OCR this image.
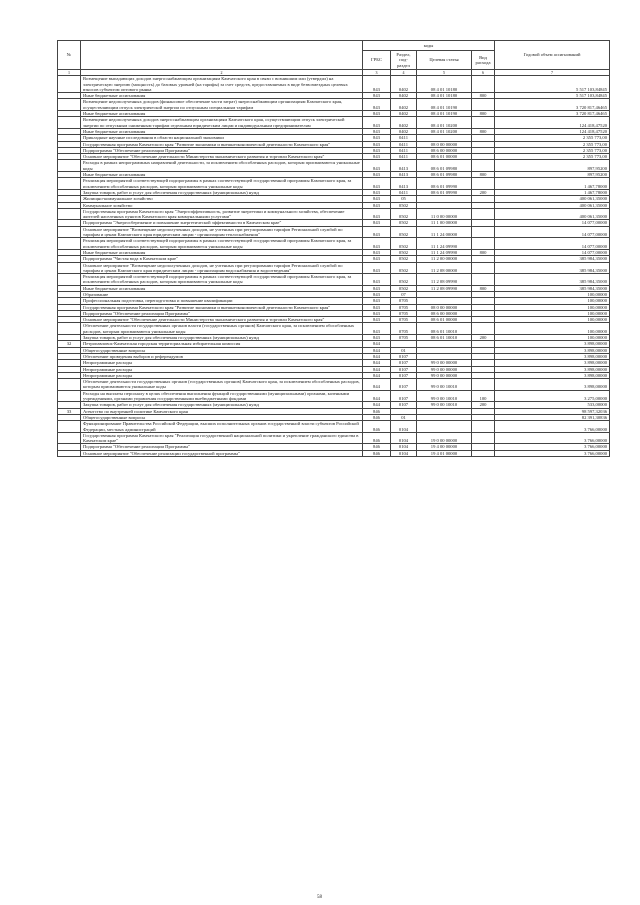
№		коды				Годовой объем ассигнований
		ГРБС	Раздел, под-раздел	Целевая статья	Вид расхода	
1	2	3	4	5	6	7
	Возмещение выпадающих доходов энергоснабжающим организациям Камчатского края в связи с возникшим или (утвердил) на электрическую энергию (мощность) до базовых уровней (на тарифы) за счет средств, предоставляемых в виде безвозмездных целевых взносов субъектом оптового рынка	843	0402	08 4 01 10180		5 517 103,84845
	Иные бюджетные ассигнования	843	0402	08 4 01 10180	800	5 517 103,84845
	Возмещение недополученных доходов (финансовое обеспечение части затрат) энергоснабжающим организациям Камчатского края, осуществляющим отпуск электрической энергии по отпускным специальным тарифам	843	0402	08 4 01 10190		3 720 817,46465
	Иные бюджетные ассигнования	843	0402	08 4 01 10190	800	3 720 817,46465
	Возмещение недополученных доходов энергоснабжающим организациям Камчатского края, осуществляющим отпуск электрической энергии по отпускным сниженным тарифам отдельным юридическим лицам и индивидуальным предпринимателям	843	0402	08 4 01 10200		124 418,47520
	Иные бюджетные ассигнования	843	0402	08 4 01 10200	800	124 418,47520
	Прикладные научные исследования в области национальной экономики	843	0411			2 355 773,00
	Государственная программа Камчатского края "Развитие экономики и внешнеэкономической деятельности Камчатского края"	843	0411	08 0 00 00000		2 355 773,00
	Подпрограмма "Обеспечение реализации Программы"	843	0411	08 6 00 00000		2 355 773,00
	Основное мероприятие "Обеспечение деятельности Министерства экономического развития и торговли Камчатского края"	843	0411	08 6 01 00000		2 355 773,00
	Расходы в рамках непрограммных направлений деятельности, за исключением обособленных расходов, которым присваиваются уникальные коды	843	0413	08 6 01 09980		897,95200
	Иные бюджетные ассигнования	843	0413	08 6 01 09980	800	897,95200
	Реализация мероприятий соответствующей подпрограммы в рамках соответствующей государственной программы Камчатского края, за исключением обособленных расходов, которым присваиваются уникальные коды	843	0413	08 6 01 09990		1 467,78000
	Закупка товаров, работ и услуг для обеспечения государственных (муниципальных) нужд	843	0411	08 6 01 09990	200	1 467,78000
	Жилищно-коммунальное хозяйство	843	05			400 061,35000
	Коммунальное хозяйство	843	0502			400 061,35000
	Государственная программа Камчатского края "Энергоэффективность, развитие энергетики и коммунального хозяйства, обеспечение жителей населенных пунктов Камчатского края коммунальными услугами"	843	0502	11 0 00 00000		400 061,35000
	Подпрограмма "Энергосбережение и повышение энергетической эффективности в Камчатском крае"	843	0502	11 1 00 00000		14 077,00000
	Основное мероприятие "Возмещение недополученных доходов, не учтенных при регулировании тарифов Региональной службой по тарифам и ценам Камчатского края юридическим лицам - организациям теплоснабжения"	843	0502	11 1 24 00000		14 077,00000
	Реализация мероприятий соответствующей подпрограммы в рамках соответствующей государственной программы Камчатского края, за исключением обособленных расходов, которым присваиваются уникальные коды	843	0502	11 1 24 09990		14 077,00000
	Иные бюджетные ассигнования	843	0502	11 1 24 09990	800	14 077,00000
	Подпрограмма "Чистая вода в Камчатском крае"	843	0502	11 2 00 00000		385 984,35000
	Основное мероприятие "Возмещение недополученных доходов, не учтенных при регулировании тарифов Региональной службой по тарифам и ценам Камчатского края юридическим лицам - организациям водоснабжения и водоотведения"	843	0502	11 2 08 00000		385 984,35000
	Реализация мероприятий соответствующей подпрограммы в рамках соответствующей государственной программы Камчатского края, за исключением обособленных расходов, которым присваиваются уникальные коды	843	0502	11 2 08 09990		385 984,35000
	Иные бюджетные ассигнования	843	0502	11 2 08 09990	800	385 984,35000
	Образование	843	07			100,00000
	Профессиональная подготовка, переподготовка и повышение квалификации	843	0705			100,00000
	Государственная программа Камчатского края "Развитие экономики и внешнеэкономической деятельности Камчатского края"	843	0705	08 0 00 00000		100,00000
	Подпрограмма "Обеспечение реализации Программы"	843	0705	08 6 00 00000		100,00000
	Основное мероприятие "Обеспечение деятельности Министерства экономического развития и торговли Камчатского края"	843	0705	08 6 01 00000		100,00000
	Обеспечение деятельности государственных органов власти (государственных органов) Камчатского края, за исключением обособленных расходов, которым присваиваются уникальные коды	843	0705	08 6 01 10010		100,00000
	Закупка товаров, работ и услуг для обеспечения государственных (муниципальных) нужд	843	0705	08 6 01 10010	200	100,00000
32	Петропавловск-Камчатская городская территориальная избирательная комиссия	844				3 898,00000
	Общегосударственные вопросы	844	01			3 898,00000
	Обеспечение проведения выборов и референдумов	844	0107			3 898,00000
	Непрограммные расходы	844	0107	99 0 00 00000		3 898,00000
	Непрограммные расходы	844	0107	99 0 00 00000		3 898,00000
	Непрограммные расходы	844	0107	99 0 00 00000		3 898,00000
	Обеспечение деятельности государственных органов (государственных органов) Камчатского края, за исключением обособленных расходов, которым присваиваются уникальные коды	844	0107	99 0 00 10010		3 898,00000
	Расходы на выплаты персоналу в целях обеспечения выполнения функций государственными (муниципальными) органами, казенными учреждениями, органами управления государственными внебюджетными фондами	844	0107	99 0 00 10010	100	3 275,00000
	Закупка товаров, работ и услуг для обеспечения государственных (муниципальных) нужд	844	0107	99 0 00 10010	200	533,00000
33	Агентство по внутренней политике Камчатского края	846				98 597,32036
	Общегосударственные вопросы	846	01			82 391,30836
	Функционирование Правительства Российской Федерации, высших исполнительных органов государственной власти субъектов Российской Федерации, местных администраций	846	0104			3 766,00000
	Государственная программа Камчатского края "Реализация государственной национальной политики и укрепление гражданского единства в Камчатском крае"	846	0104	19 0 00 00000		3 766,00000
	Подпрограмма "Обеспечение реализации Программы"	846	0104	19 4 00 00000		3 766,00000
	Основное мероприятие "Обеспечение реализации государственной программы"	846	0104	19 4 01 00000		3 766,00000
58
